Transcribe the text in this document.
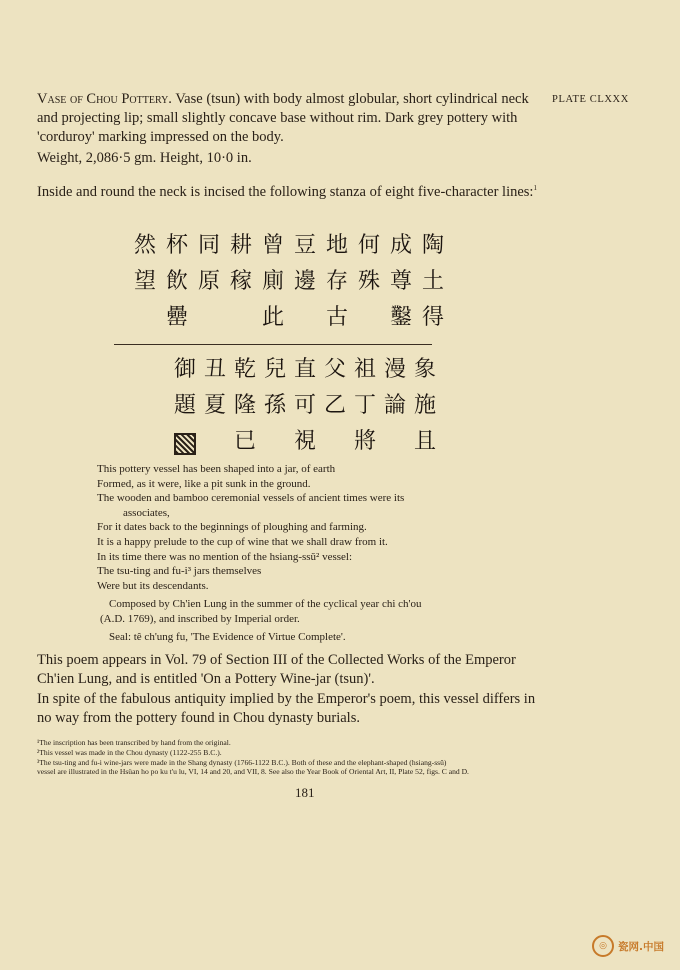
PLATE CLXXX

Vase of Chou Pottery. Vase (tsun) with body almost globular, short cylindrical neck and projecting lip; small slightly concave base without rim. Dark grey pottery with 'corduroy' marking impressed on the body.

Weight, 2,086·5 gm. Height, 10·0 in.

Inside and round the neck is incised the following stanza of eight five-character lines:$^1$

陶
土
得
成
尊
鑿
何
殊
地
存
古
豆
邊
曾
廁
此
耕
稼
同
原
杯
飲
罍
然
望
象
施
且
漫
論
祖
丁
將
父
乙
直
可
視
兒
孫
乾
隆
已
丑
夏
御
題
This pottery vessel has been shaped into a jar, of earth
Formed, as it were, like a pit sunk in the ground.
The wooden and bamboo ceremonial vessels of ancient times were its
associates,
For it dates back to the beginnings of ploughing and farming.
It is a happy prelude to the cup of wine that we shall draw from it.
In its time there was no mention of the hsiang-ssŭ² vessel:
The tsu-ting and fu-i³ jars themselves
Were but its descendants.
Composed by Ch'ien Lung in the summer of the cyclical year chi ch'ou
(A.D. 1769), and inscribed by Imperial order.
Seal: tê ch'ung fu, 'The Evidence of Virtue Complete'.

This poem appears in Vol. 79 of Section III of the Collected Works of the Emperor Ch'ien Lung, and is entitled 'On a Pottery Wine-jar (tsun)'.

In spite of the fabulous antiquity implied by the Emperor's poem, this vessel differs in no way from the pottery found in Chou dynasty burials.

¹The inscription has been transcribed by hand from the original.
²This vessel was made in the Chou dynasty (1122-255 B.C.).
³The tsu-ting and fu-i wine-jars were made in the Shang dynasty (1766-1122 B.C.). Both of these and the elephant-shaped (hsiang-ssŭ)
vessel are illustrated in the Hsüan ho po ku t'u lu, VI, 14 and 20, and VII, 8. See also the Year Book of Oriental Art, II, Plate 52, figs. C and D.
181
◎	瓷网.中国
